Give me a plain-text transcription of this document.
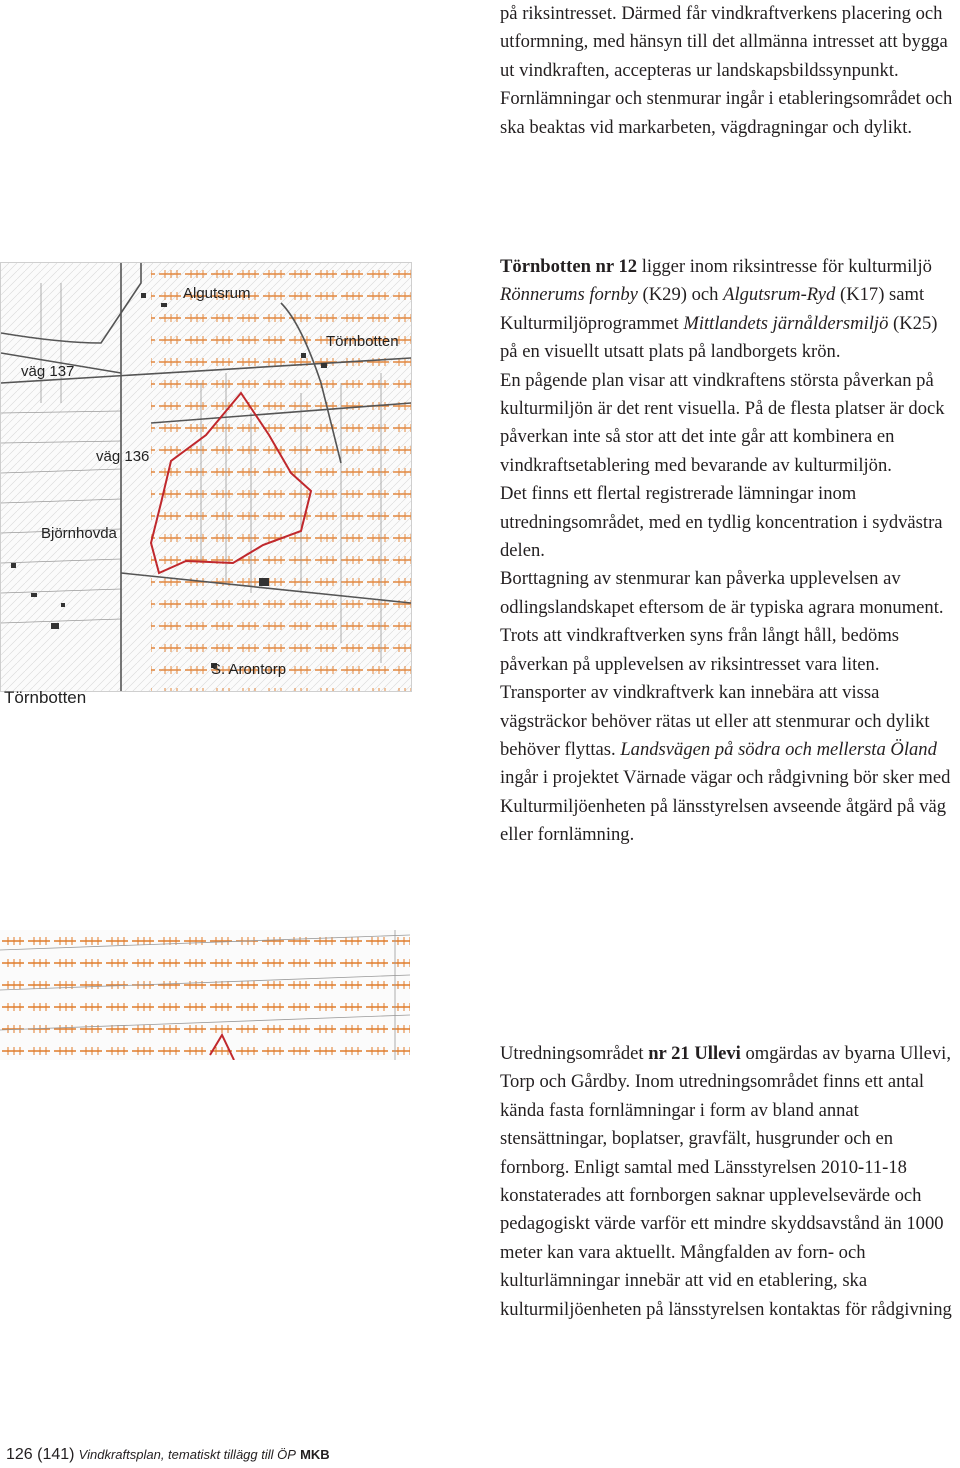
på riksintresset. Därmed får vindkraftverkens placering och utformning, med hänsyn till det allmänna intresset att bygga ut vindkraften, accepteras ur landskapsbildssynpunkt. Fornlämningar och stenmurar ingår i etableringsområdet och ska beaktas vid markarbeten, vägdragningar och dylikt.

väg 137
Algutsrum
Törnbotten
väg 136
Björnhovda
S. Arontorp
Törnbotten

Törnbotten nr 12 ligger inom riksintresse för kulturmiljö Rönnerums fornby (K29) och Algutsrum-Ryd (K17) samt Kulturmiljöprogrammet Mittlandets järnåldersmiljö (K25) på en visuellt utsatt plats på landborgets krön.

En pågende plan visar att vindkraftens största påverkan på kulturmiljön är det rent visuella. På de flesta platser är dock påverkan inte så stor att det inte går att kombinera en vindkraftsetablering med bevarande av kulturmiljön.

Det finns ett flertal registrerade lämningar inom utredningsområdet, med en tydlig koncentration i sydvästra delen.

Borttagning av stenmurar kan påverka upplevelsen av odlingslandskapet eftersom de är typiska agrara monument.

Trots att vindkraftverken syns från långt håll, bedöms påverkan på upplevelsen av riksintresset vara liten.

Transporter av vindkraftverk kan innebära att vissa vägsträckor behöver rätas ut eller att stenmurar och dylikt behöver flyttas. Landsvägen på södra och mellersta Öland ingår i projektet Värnade vägar och rådgivning bör sker med Kulturmiljöenheten på länsstyrelsen avseende åtgärd på väg eller fornlämning.

Utredningsområdet nr 21 Ullevi omgärdas av byarna Ullevi, Torp och Gårdby. Inom utredningsområdet finns ett antal kända fasta fornlämningar i form av bland annat stensättningar, boplatser, gravfält, husgrunder och en fornborg. Enligt samtal med Länsstyrelsen 2010-11-18 konstaterades att fornborgen saknar upplevelsevärde och pedagogiskt värde varför ett mindre skyddsavstånd än 1000 meter kan vara aktuellt. Mångfalden av forn- och kulturlämningar innebär att vid en etablering, ska kulturmiljöenheten på länsstyrelsen kontaktas för rådgivning

126 (141) Vindkraftsplan, tematiskt tillägg till ÖP MKB
